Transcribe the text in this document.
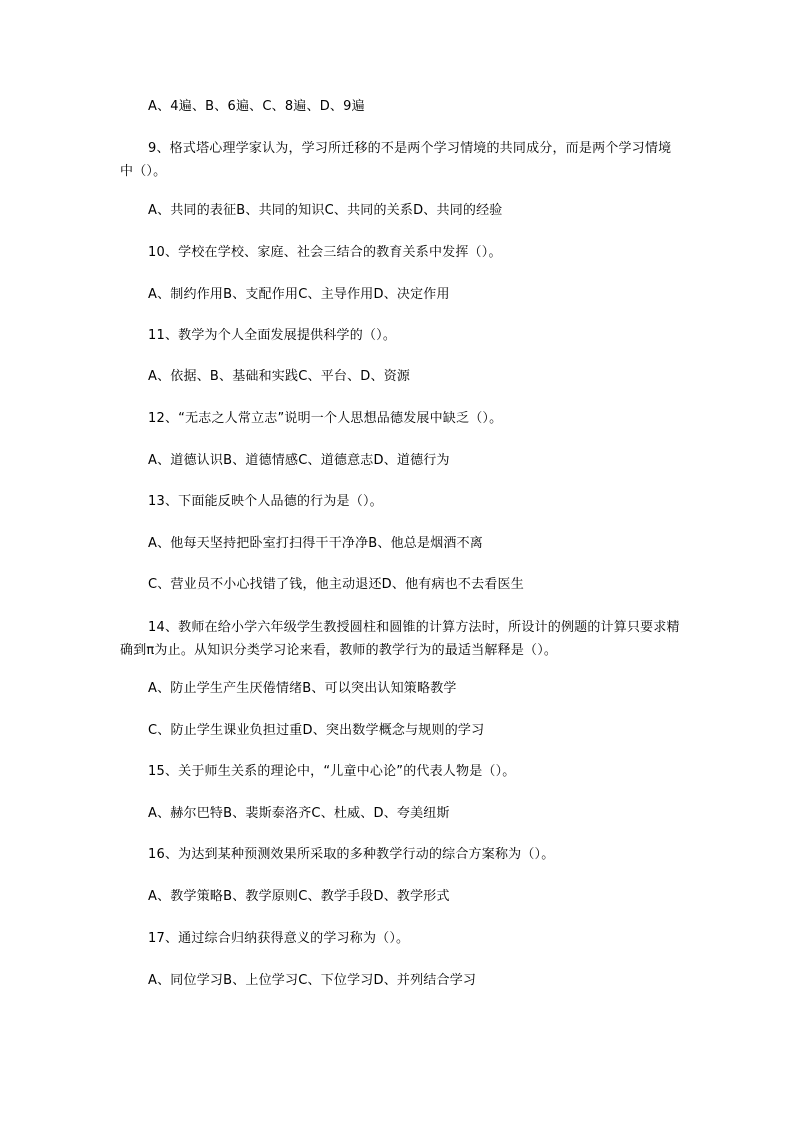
A、4遍、B、6遍、C、8遍、D、9遍
9、格式塔心理学家认为，学习所迁移的不是两个学习情境的共同成分，而是两个学习情境中（）。
A、共同的表征B、共同的知识C、共同的关系D、共同的经验
10、学校在学校、家庭、社会三结合的教育关系中发挥（）。
A、制约作用B、支配作用C、主导作用D、决定作用
11、教学为个人全面发展提供科学的（）。
A、依据、B、基础和实践C、平台、D、资源
12、“无志之人常立志”说明一个人思想品德发展中缺乏（）。
A、道德认识B、道德情感C、道德意志D、道德行为
13、下面能反映个人品德的行为是（）。
A、他每天坚持把卧室打扫得干干净净B、他总是烟酒不离
C、营业员不小心找错了钱，他主动退还D、他有病也不去看医生
14、教师在给小学六年级学生教授圆柱和圆锥的计算方法时，所设计的例题的计算只要求精确到π为止。从知识分类学习论来看，教师的教学行为的最适当解释是（）。
A、防止学生产生厌倦情绪B、可以突出认知策略教学
C、防止学生课业负担过重D、突出数学概念与规则的学习
15、关于师生关系的理论中，“儿童中心论”的代表人物是（）。
A、赫尔巴特B、裴斯泰洛齐C、杜威、D、夸美纽斯
16、为达到某种预测效果所采取的多种教学行动的综合方案称为（）。
A、教学策略B、教学原则C、教学手段D、教学形式
17、通过综合归纳获得意义的学习称为（）。
A、同位学习B、上位学习C、下位学习D、并列结合学习
